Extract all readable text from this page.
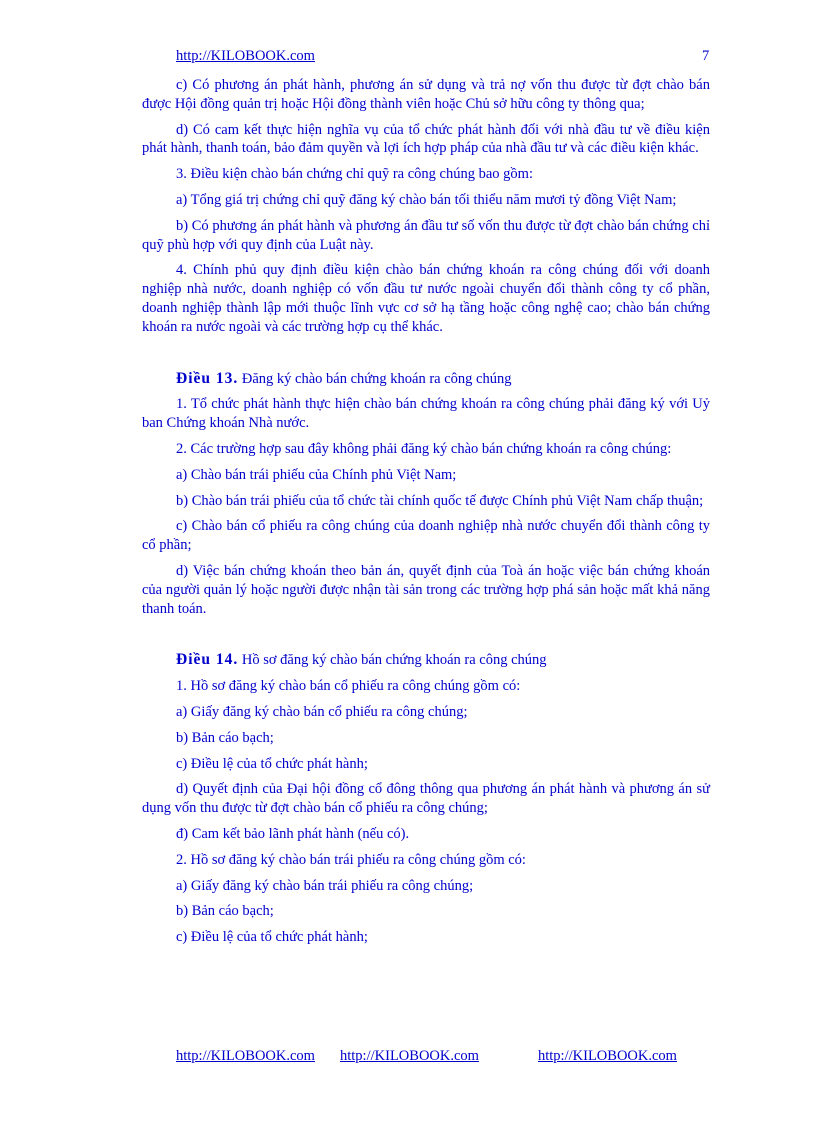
http://KILOBOOK.com	7

c) Có phương án phát hành, phương án sử dụng và trả nợ vốn thu được từ đợt chào bán được Hội đồng quản trị hoặc Hội đồng thành viên hoặc Chủ sở hữu công ty thông qua;

d) Có cam kết thực hiện nghĩa vụ của tổ chức phát hành đối với nhà đầu tư về điều kiện phát hành, thanh toán, bảo đảm quyền và lợi ích hợp pháp của nhà đầu tư và các điều kiện khác.

3. Điều kiện chào bán chứng chỉ quỹ ra công chúng bao gồm:

a) Tổng giá trị chứng chỉ quỹ đăng ký chào bán tối thiểu năm mươi tỷ đồng Việt Nam;

b) Có phương án phát hành và phương án đầu tư số vốn thu được từ đợt chào bán chứng chỉ quỹ phù hợp với quy định của Luật này.

4. Chính phủ quy định điều kiện chào bán chứng khoán ra công chúng đối với doanh nghiệp nhà nước, doanh nghiệp có vốn đầu tư nước ngoài chuyển đổi thành công ty cổ phần, doanh nghiệp thành lập mới thuộc lĩnh vực cơ sở hạ tầng hoặc công nghệ cao; chào bán chứng khoán ra nước ngoài và các trường hợp cụ thể khác.

Điều 13. Đăng ký chào bán chứng khoán ra công chúng

1. Tổ chức phát hành thực hiện chào bán chứng khoán ra công chúng phải đăng ký với Uỷ ban Chứng khoán Nhà nước.

2. Các trường hợp sau đây không phải đăng ký chào bán chứng khoán ra công chúng:

a) Chào bán trái phiếu của Chính phủ Việt Nam;

b) Chào bán trái phiếu của tổ chức tài chính quốc tế được Chính phủ Việt Nam chấp thuận;

c) Chào bán cổ phiếu ra công chúng của doanh nghiệp nhà nước chuyển đổi thành công ty cổ phần;

d) Việc bán chứng khoán theo bản án, quyết định của Toà án hoặc việc bán chứng khoán của người quản lý hoặc người được nhận tài sản trong các trường hợp phá sản hoặc mất khả năng thanh toán.

Điều 14. Hồ sơ đăng ký chào bán chứng khoán ra công chúng

1. Hồ sơ đăng ký chào bán cổ phiếu ra công chúng gồm có:

a) Giấy đăng ký chào bán cổ phiếu ra công chúng;

b) Bản cáo bạch;

c) Điều lệ của tổ chức phát hành;

d) Quyết định của Đại hội đồng cổ đông thông qua phương án phát hành và phương án sử dụng vốn thu được từ đợt chào bán cổ phiếu ra công chúng;

đ) Cam kết bảo lãnh phát hành (nếu có).

2. Hồ sơ đăng ký chào bán trái phiếu ra công chúng gồm có:

a) Giấy đăng ký chào bán trái phiếu ra công chúng;

b) Bản cáo bạch;

c) Điều lệ của tổ chức phát hành;

http://KILOBOOK.com http://KILOBOOK.com	http://KILOBOOK.com
